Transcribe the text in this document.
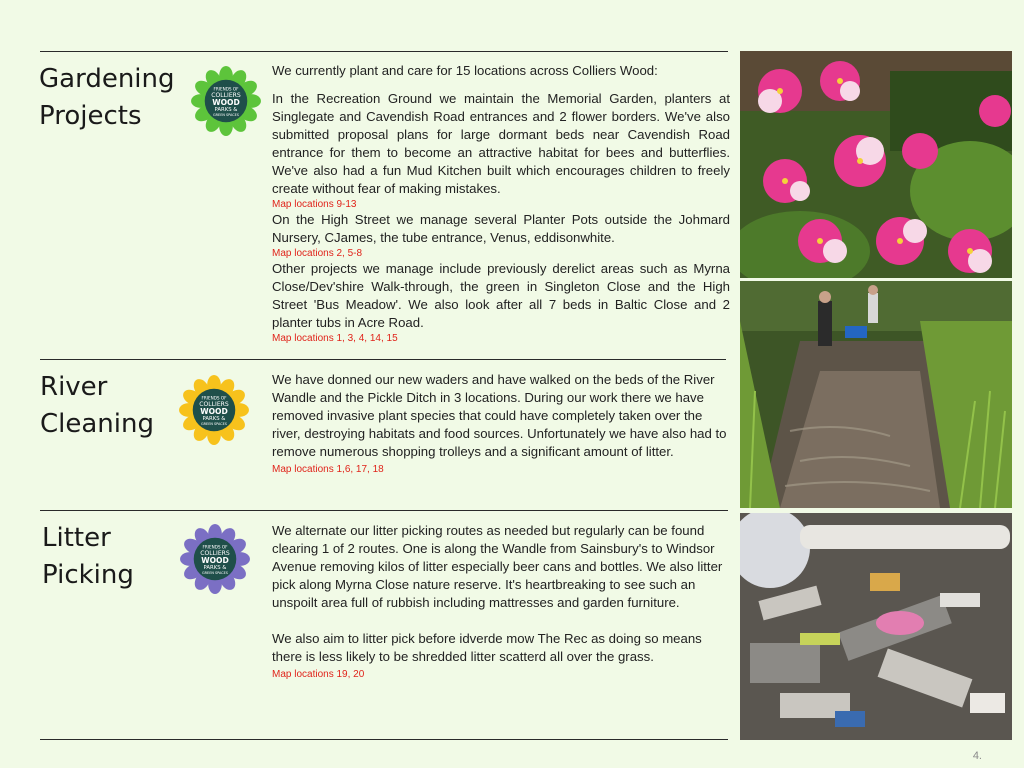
Gardening
Projects
FRIENDS OF
COLLIERS
WOOD
PARKS &
GREEN SPACES

We currently plant and care for 15 locations across Colliers Wood:

In the Recreation Ground we maintain the Memorial Garden, planters at Singlegate and Cavendish Road entrances and 2 flower borders. We've also submitted proposal plans for large dormant beds near Cavendish Road entrance for them to become an attractive habitat for bees and butterflies. We've also had a fun Mud Kitchen built which encourages children to freely create without fear of making mistakes.

Map locations 9-13

On the High Street we manage several Planter Pots outside the Johmard Nursery, CJames, the tube entrance, Venus, eddisonwhite.

Map locations 2, 5-8

Other projects we manage include previously derelict areas such as Myrna Close/Dev'shire Walk-through, the green in Singleton Close and the High Street 'Bus Meadow'. We also look after all 7 beds in Baltic Close and 2 planter tubs in Acre Road.

Map locations 1, 3, 4, 14, 15

River
Cleaning
FRIENDS OF
COLLIERS
WOOD
PARKS &
GREEN SPACES

We have donned our new waders and have walked on the beds of the River Wandle and the Pickle Ditch in 3 locations. During our work there we have removed invasive plant species that could have completely taken over the river, destroying habitats and food sources. Unfortunately we have also had to remove numerous shopping trolleys and a significant amount of litter.

Map locations 1,6, 17, 18

Litter
Picking
FRIENDS OF
COLLIERS
WOOD
PARKS &
GREEN SPACES

We alternate our litter picking routes as needed but regularly can be found clearing 1 of 2 routes. One is along the Wandle from Sainsbury's to Windsor Avenue removing kilos of litter especially beer cans and bottles. We also litter pick along Myrna Close nature reserve. It's heartbreaking to see such an unspoilt area full of rubbish including mattresses and garden furniture.

We also aim to litter pick before idverde mow The Rec as doing so means there is less likely to be shredded litter scatterd all over the grass.

Map locations 19, 20

4.
